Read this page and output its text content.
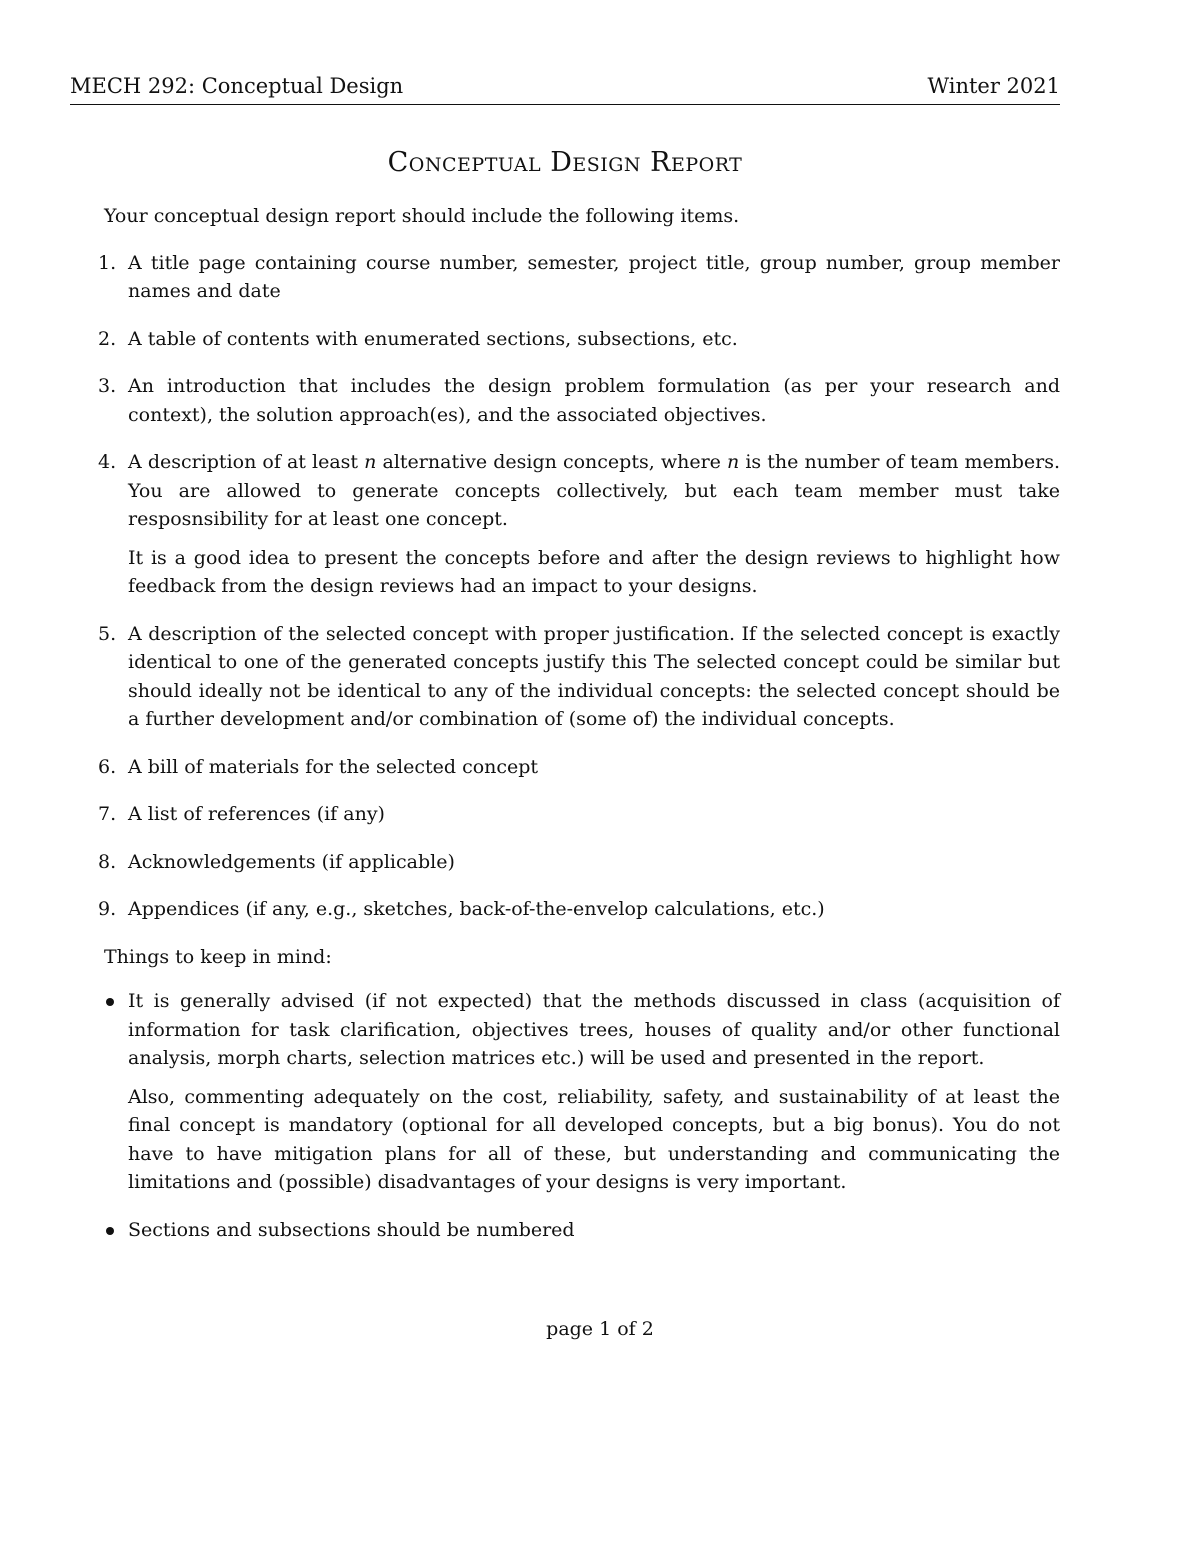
MECH 292: Conceptual Design	Winter 2021
Conceptual Design Report

Your conceptual design report should include the following items.

1. A title page containing course number, semester, project title, group number, group member names and date

2. A table of contents with enumerated sections, subsections, etc.

3. An introduction that includes the design problem formulation (as per your research and context), the solution approach(es), and the associated objectives.

4. A description of at least n alternative design concepts, where n is the number of team members. You are allowed to generate concepts collectively, but each team member must take resposnsibility for at least one concept.

It is a good idea to present the concepts before and after the design reviews to highlight how feedback from the design reviews had an impact to your designs.

5. A description of the selected concept with proper justification. If the selected concept is exactly identical to one of the generated concepts justify this The selected concept could be similar but should ideally not be identical to any of the individual concepts: the selected concept should be a further development and/or combination of (some of) the individual concepts.

6. A bill of materials for the selected concept

7. A list of references (if any)

8. Acknowledgements (if applicable)

9. Appendices (if any, e.g., sketches, back-of-the-envelop calculations, etc.)

Things to keep in mind:

It is generally advised (if not expected) that the methods discussed in class (acquisition of information for task clarification, objectives trees, houses of quality and/or other functional analysis, morph charts, selection matrices etc.) will be used and presented in the report.

Also, commenting adequately on the cost, reliability, safety, and sustainability of at least the final concept is mandatory (optional for all developed concepts, but a big bonus). You do not have to have mitigation plans for all of these, but understanding and communicating the limitations and (possible) disadvantages of your designs is very important.

Sections and subsections should be numbered

page 1 of 2
